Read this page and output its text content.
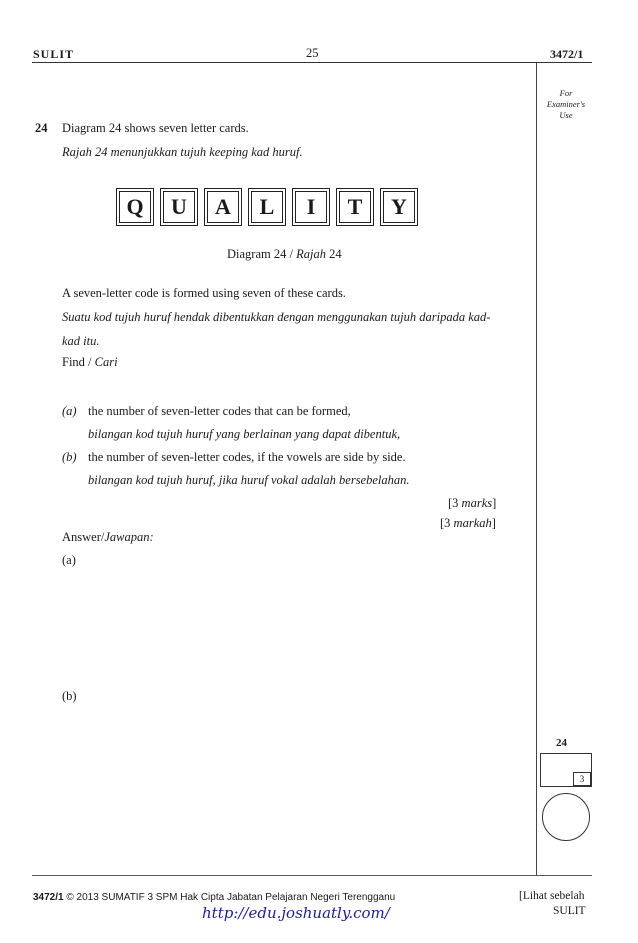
SULIT	25	3472/1
For Examiner's Use
24 Diagram 24 shows seven letter cards.
Rajah 24 menunjukkan tujuh keeping kad huruf.
Q	U	A	L	I	T	Y
Diagram 24 / Rajah 24
A seven-letter code is formed using seven of these cards.
Suatu kod tujuh huruf hendak dibentukkan dengan menggunakan tujuh daripada kad-
kad itu.
Find / Cari
(a) the number of seven-letter codes that can be formed,
bilangan kod tujuh huruf yang berlainan yang dapat dibentuk,
(b) the number of seven-letter codes, if the vowels are side by side.
bilangan kod tujuh huruf, jika huruf vokal adalah bersebelahan.
[3 marks]
[3 markah]
Answer/Jawapan:
(a)
(b)
24
3
3472/1 © 2013 SUMATIF 3 SPM Hak Cipta Jabatan Pelajaran Negeri Terengganu	[Lihat sebelah
SULIT
http://edu.joshuatly.com/
